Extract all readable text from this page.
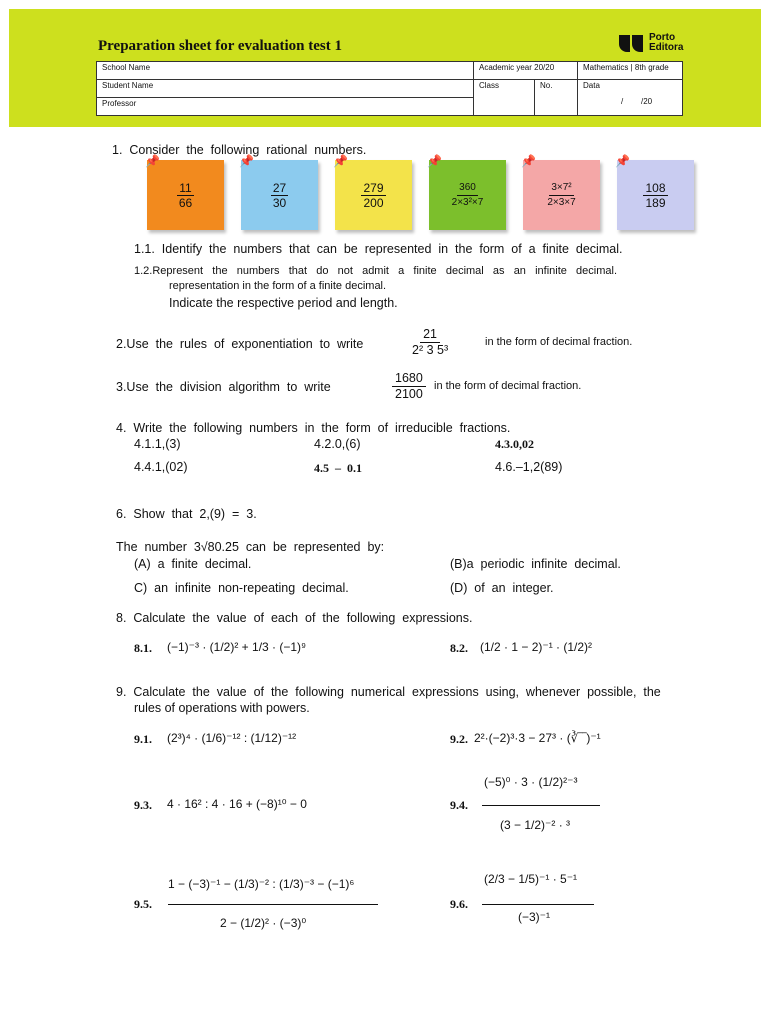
Preparation sheet for evaluation test 1
Porto
Editora
School Name	Academic year 20/20		Mathematics | 8th grade
Student Name	Class	No.	Data
/        /20

Professor			
1.  Consider  the  following  rational  numbers.
📌
$\frac{11}{66}$
📌
$\frac{27}{30}$
📌
$\frac{279}{200}$
📌
$\frac{360}{\text{2×3²×7}}$
📌
$\frac{\text{3×7²}}{2\times 3\times 7}$
📌
$\frac{108}{189}$
1.1.  Identify  the  numbers  that  can  be  represented  in  the  form  of  a  finite  decimal.
1.2.Represent   the   numbers   that   do   not   admit   a   finite   decimal   as   an   infinite   decimal.
representation in the form of a finite decimal.
Indicate the respective period and length.
2.Use  the  rules  of  exponentiation  to  write	$\frac{21}{\text{2² 3 5³}}$	in the form of decimal fraction.
3.Use  the  division  algorithm  to  write	$\frac{1680}{2100}$ in the form of decimal fraction.
4.  Write  the  following  numbers  in  the  form  of  irreducible  fractions.
4.1.1,(3)	4.2.0,(6)	4.3.0,02
4.4.1,(02)	4.5  –  0.1	4.6.–1,2(89)
6.  Show  that  2,(9)  =  3.
The  number  3√80.25  can  be  represented  by:
(A)  a  finite  decimal.	(B)a  periodic  infinite  decimal.
C)  an  infinite  non-repeating  decimal.	(D)  of  an  integer.
8.  Calculate  the  value  of  each  of  the  following  expressions.
8.1. (−1)⁻³ · (1/2)² + 1/3 · (−1)⁹	8.2. (1/2 · 1 − 2)⁻¹ · (1/2)²
9.  Calculate  the  value  of  the  following  numerical  expressions  using,  whenever  possible,  the
rules of operations with powers.
9.1. (2³)⁴ · (1/6)⁻¹² : (1/12)⁻¹²	9.2. 2²·(−2)³·3 − 27³ · (∛‾‾)⁻¹
9.3. 4 · 16² : 4 · 16 + (−8)¹⁰ − 0	9.4.
(−5)⁰ · 3 · (1/2)²⁻³
(3 − 1/2)⁻² · ³
9.5.
1 − (−3)⁻¹ − (1/3)⁻² : (1/3)⁻³ − (−1)⁶
2 − (1/2)² · (−3)⁰
9.6.
(2/3 − 1/5)⁻¹ · 5⁻¹
(−3)⁻¹
